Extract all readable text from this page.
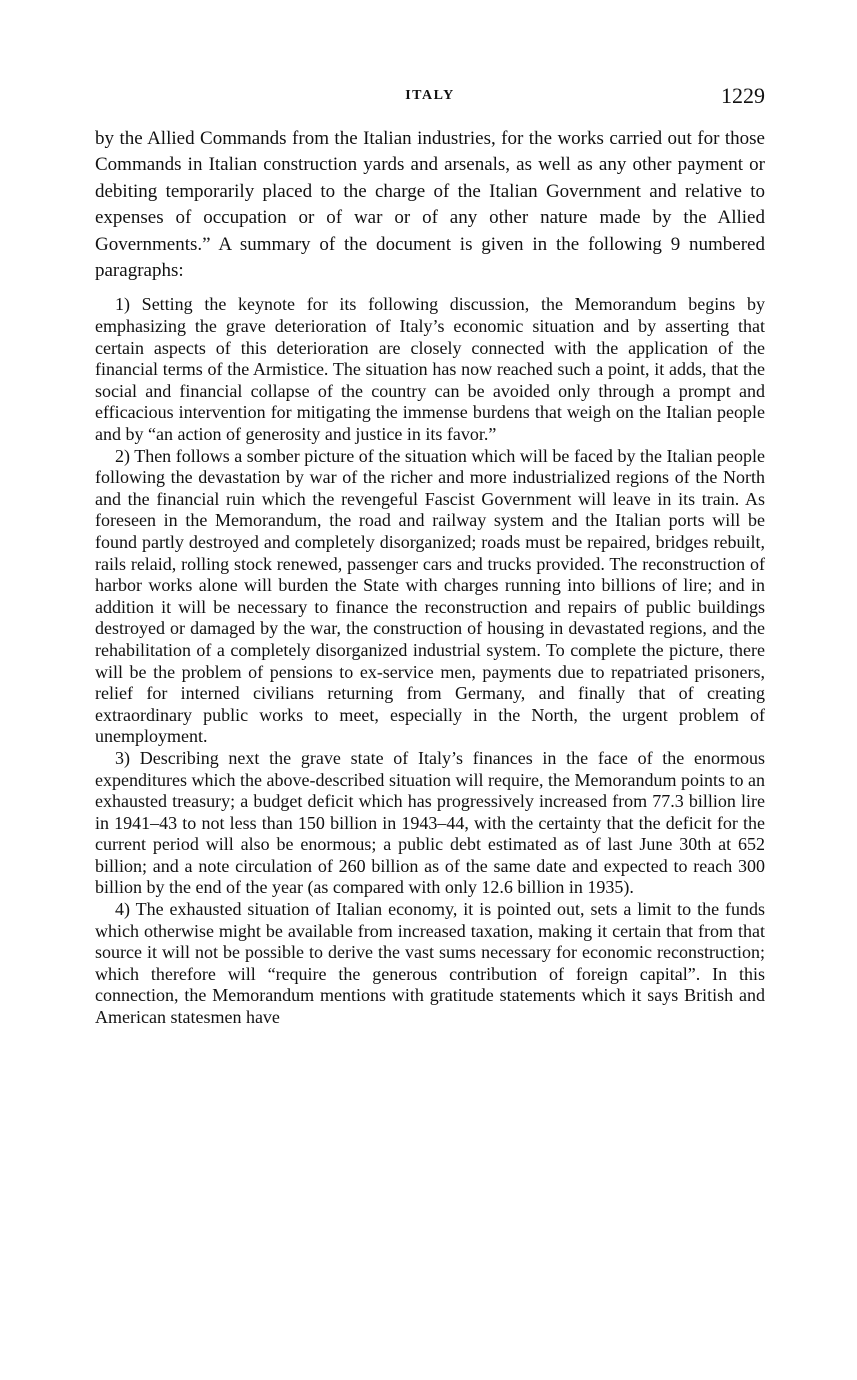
ITALY	1229

by the Allied Commands from the Italian industries, for the works carried out for those Commands in Italian construction yards and arsenals, as well as any other payment or debiting temporarily placed to the charge of the Italian Government and relative to expenses of occupation or of war or of any other nature made by the Allied Governments.” A summary of the document is given in the following 9 numbered paragraphs:

1) Setting the keynote for its following discussion, the Memorandum begins by emphasizing the grave deterioration of Italy’s economic situation and by asserting that certain aspects of this deterioration are closely connected with the application of the financial terms of the Armistice. The situation has now reached such a point, it adds, that the social and financial collapse of the country can be avoided only through a prompt and efficacious intervention for mitigating the immense burdens that weigh on the Italian people and by “an action of generosity and justice in its favor.”

2) Then follows a somber picture of the situation which will be faced by the Italian people following the devastation by war of the richer and more industrialized regions of the North and the financial ruin which the revengeful Fascist Government will leave in its train. As foreseen in the Memorandum, the road and railway system and the Italian ports will be found partly destroyed and completely disorganized; roads must be repaired, bridges rebuilt, rails relaid, rolling stock renewed, passenger cars and trucks provided. The reconstruction of harbor works alone will burden the State with charges running into billions of lire; and in addition it will be necessary to finance the reconstruction and repairs of public buildings destroyed or damaged by the war, the construction of housing in devastated regions, and the rehabilitation of a completely disorganized industrial system. To complete the picture, there will be the problem of pensions to ex-service men, payments due to repatriated prisoners, relief for interned civilians returning from Germany, and finally that of creating extraordinary public works to meet, especially in the North, the urgent problem of unemployment.

3) Describing next the grave state of Italy’s finances in the face of the enormous expenditures which the above-described situation will require, the Memorandum points to an exhausted treasury; a budget deficit which has progressively increased from 77.3 billion lire in 1941–43 to not less than 150 billion in 1943–44, with the certainty that the deficit for the current period will also be enormous; a public debt estimated as of last June 30th at 652 billion; and a note circulation of 260 billion as of the same date and expected to reach 300 billion by the end of the year (as compared with only 12.6 billion in 1935).

4) The exhausted situation of Italian economy, it is pointed out, sets a limit to the funds which otherwise might be available from increased taxation, making it certain that from that source it will not be possible to derive the vast sums necessary for economic reconstruction; which therefore will “require the generous contribution of foreign capital”. In this connection, the Memorandum mentions with gratitude statements which it says British and American statesmen have
